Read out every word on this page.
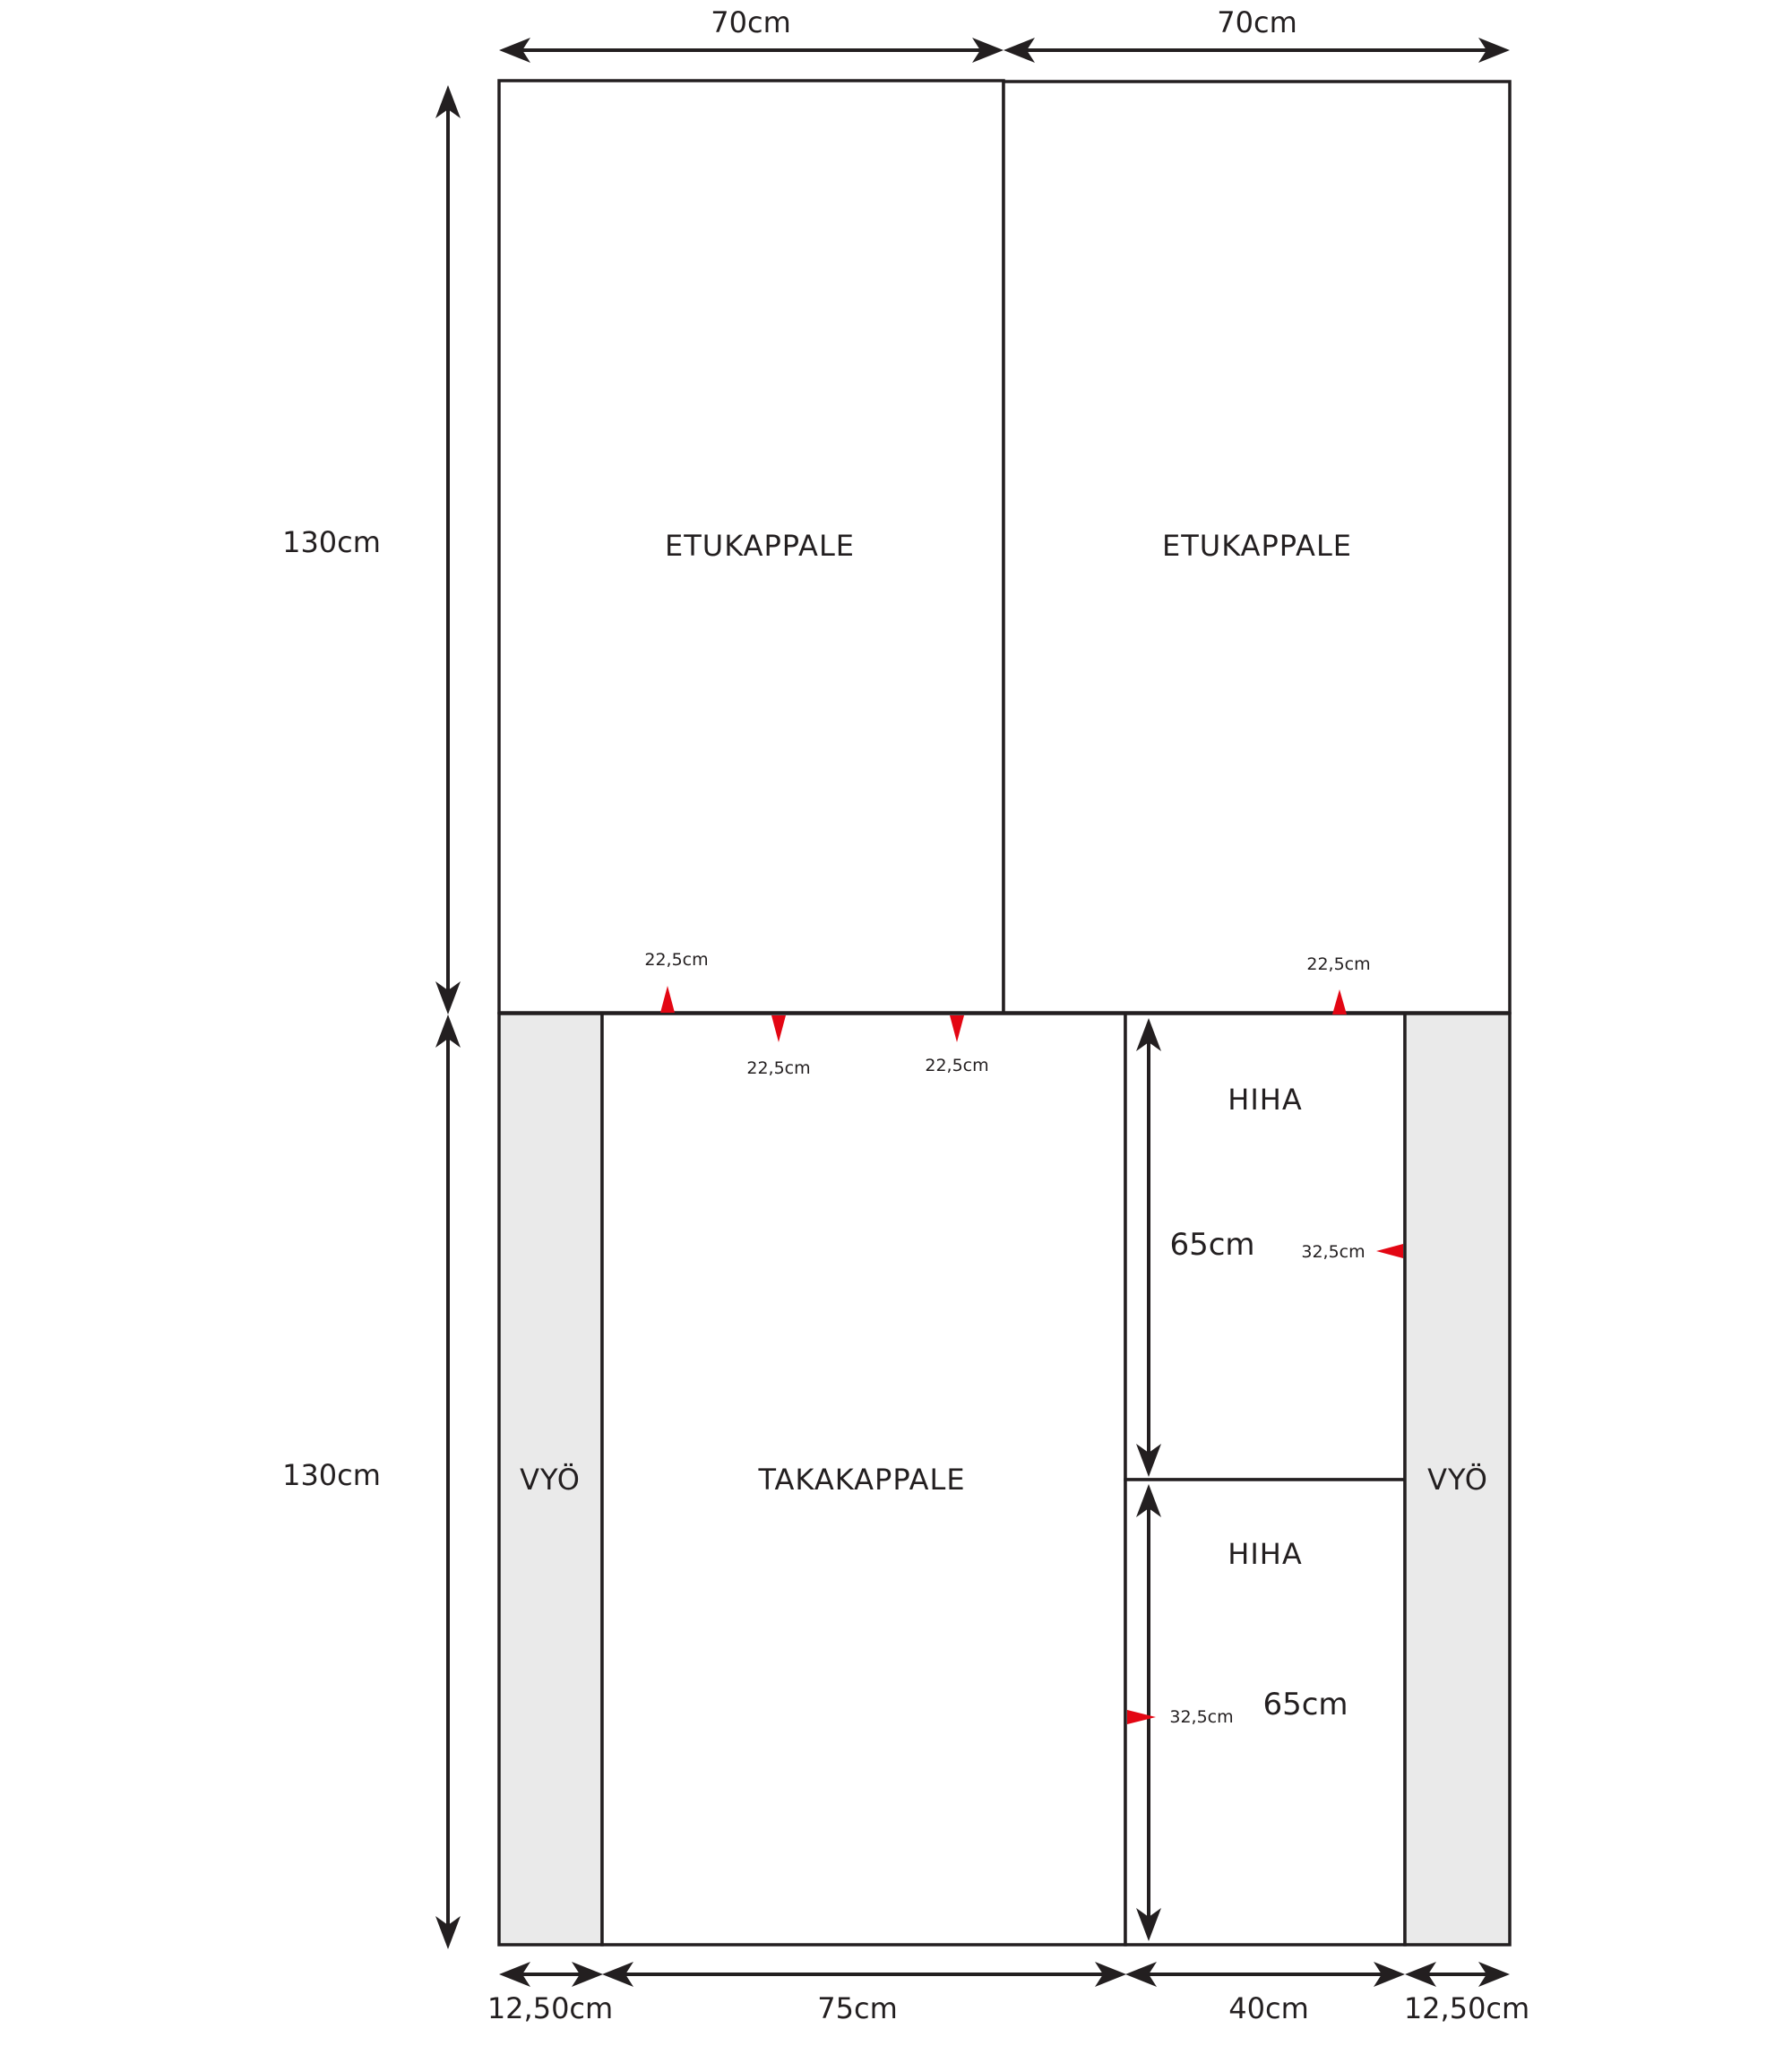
ETUKAPPALE	ETUKAPPALE
TAKAKAPPALE
HIHA
HIHA
VYÖ	VYÖ
70cm	70cm
130cm
130cm
65cm
65cm
12,50cm	75cm	40cm	12,50cm
22,5cm	22,5cm
22,5cm	22,5cm
32,5cm
32,5cm
